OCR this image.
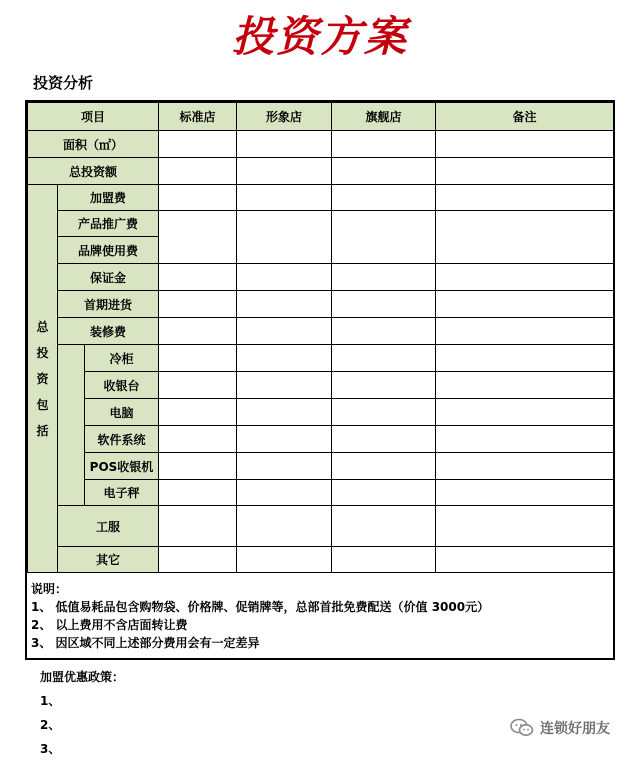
投资方案
投资分析
项目			标准店	形象店	旗舰店	备注
面积（㎡）						
总投资额						
总投资包括	加盟费					
	产品推广费					
	品牌使用费					
	保证金					
	首期进货					
	装修费					
		冷柜				
		收银台				
		电脑				
		软件系统				
		POS收银机				
		电子秤				
	工服					
	其它					
说明：
1、 低值易耗品包含购物袋、价格牌、促销牌等，总部首批免费配送（价值 3000元）
2、 以上费用不含店面转让费
3、 因区域不同上述部分费用会有一定差异
加盟优惠政策：
1、
2、
3、
连锁好朋友
